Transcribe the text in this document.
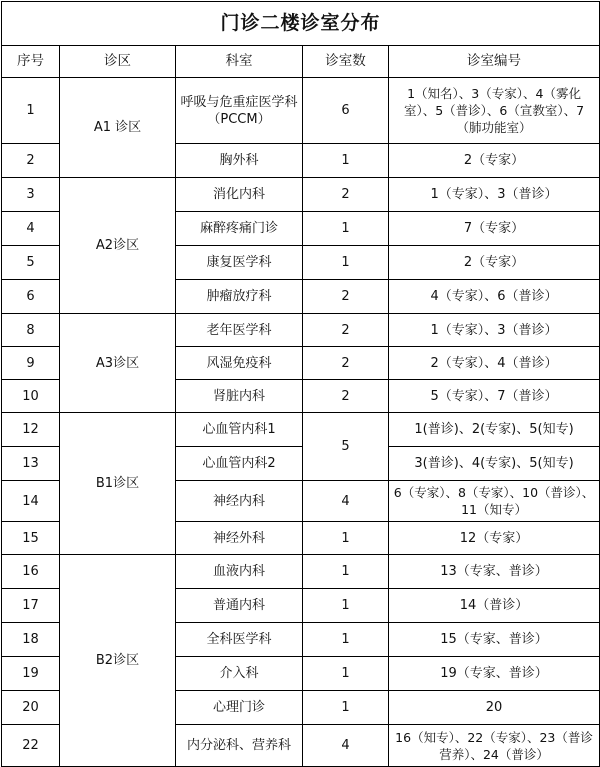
门诊二楼诊室分布				
序号	诊区	科室	诊室数	诊室编号
1	A1 诊区	呼吸与危重症医学科（PCCM）	6	1（知名）、3（专家）、4（雾化室）、5（普诊）、6（宣教室）、7（肺功能室）
2		胸外科	1	2（专家）
3	A2诊区	消化内科	2	1（专家）、3（普诊）
4		麻醉疼痛门诊	1	7（专家）
5		康复医学科	1	2（专家）
6		肿瘤放疗科	2	4（专家）、6（普诊）
8	A3诊区	老年医学科	2	1（专家）、3（普诊）
9		风湿免疫科	2	2（专家）、4（普诊）
10		肾脏内科	2	5（专家）、7（普诊）
12	B1诊区	心血管内科1	5	1(普诊)、2(专家)、5(知专)
13		心血管内科2		3(普诊)、4(专家)、5(知专)
14		神经内科	4	6（专家）、8（专家）、10（普诊）、11（知专）
15		神经外科	1	12（专家）
16	B2诊区	血液内科	1	13（专家、普诊）
17		普通内科	1	14（普诊）
18		全科医学科	1	15（专家、普诊）
19		介入科	1	19（专家、普诊）
20		心理门诊	1	20
22		内分泌科、营养科	4	16（知专）、22（专家）、23（普诊营养）、24（普诊）
